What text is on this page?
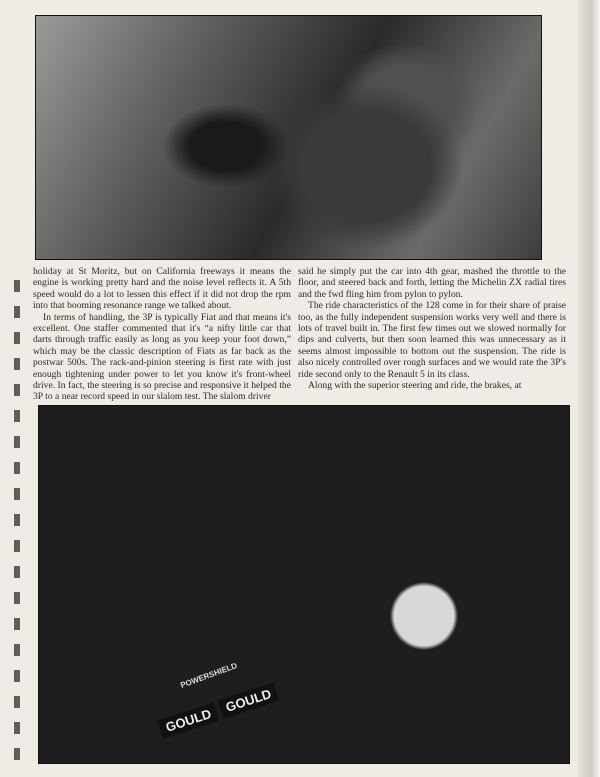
holiday at St Moritz, but on California freeways it means the engine is working pretty hard and the noise level reflects it. A 5th speed would do a lot to lessen this effect if it did not drop the rpm into that booming resonance range we talked about.

In terms of handling, the 3P is typically Fiat and that means it's excellent. One staffer commented that it's “a nifty little car that darts through traffic easily as long as you keep your foot down,” which may be the classic description of Fiats as far back as the postwar 500s. The rack-and-pinion steering is first rate with just enough tightening under power to let you know it's front-wheel drive. In fact, the steering is so precise and responsive it helped the 3P to a near record speed in our slalom test. The slalom driver

said he simply put the car into 4th gear, mashed the throttle to the floor, and steered back and forth, letting the Michelin ZX radial tires and the fwd fling him from pylon to pylon.

The ride characteristics of the 128 come in for their share of praise too, as the fully independent suspension works very well and there is lots of travel built in. The first few times out we slowed normally for dips and culverts, but then soon learned this was unnecessary as it seems almost impossible to bottom out the suspension. The ride is also nicely controlled over rough surfaces and we would rate the 3P's ride second only to the Renault 5 in its class.

Along with the superior steering and ride, the brakes, at

POWERSHIELD
GOULD
GOULD
